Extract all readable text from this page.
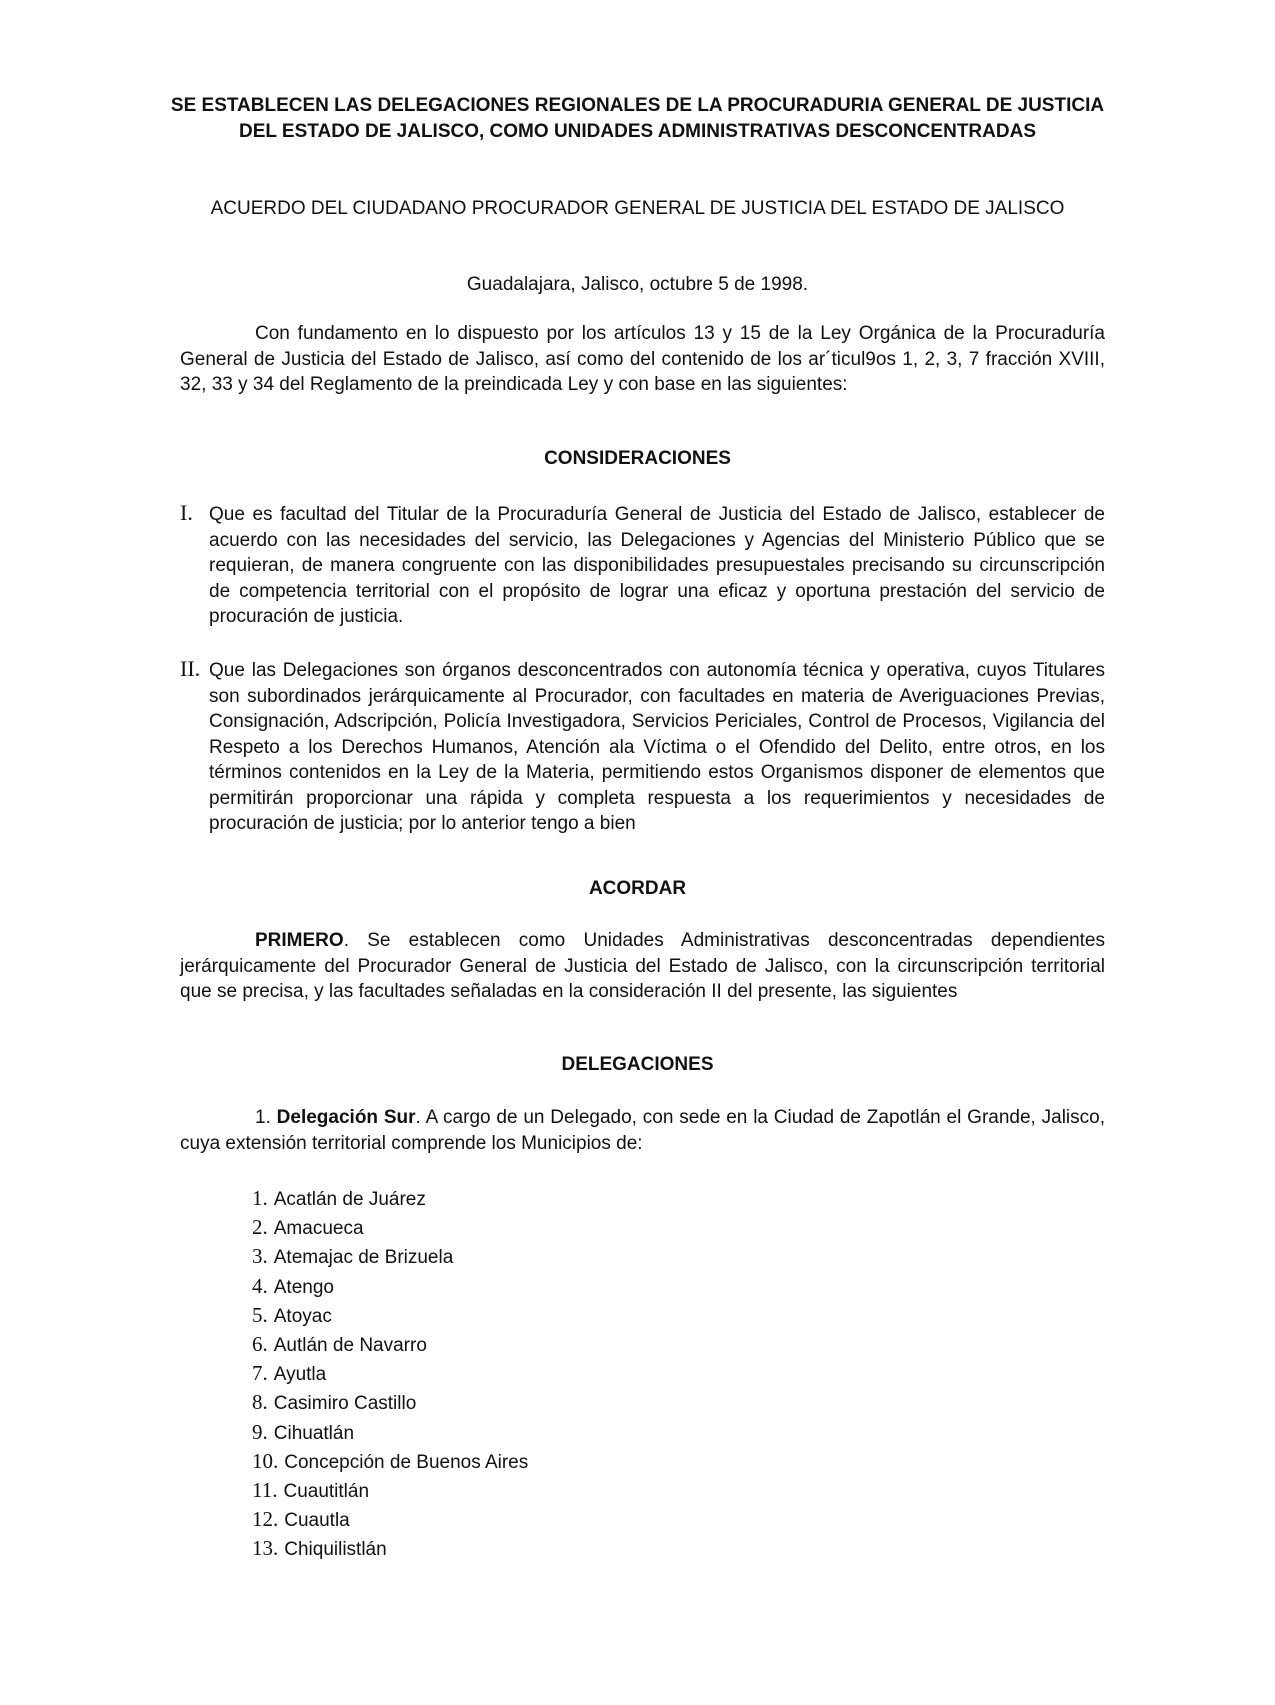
SE ESTABLECEN LAS DELEGACIONES REGIONALES DE LA PROCURADURIA GENERAL DE JUSTICIA DEL ESTADO DE JALISCO, COMO UNIDADES ADMINISTRATIVAS DESCONCENTRADAS

ACUERDO DEL CIUDADANO PROCURADOR GENERAL DE JUSTICIA DEL ESTADO DE JALISCO

Guadalajara, Jalisco, octubre 5 de 1998.

Con fundamento en lo dispuesto por los artículos 13 y 15 de la Ley Orgánica de la Procuraduría General de Justicia del Estado de Jalisco, así como del contenido de los ar´ticul9os 1, 2, 3, 7 fracción XVIII, 32, 33 y 34 del Reglamento de la preindicada Ley y con base en las siguientes:

CONSIDERACIONES

I. Que es facultad del Titular de la Procuraduría General de Justicia del Estado de Jalisco, establecer de acuerdo con las necesidades del servicio, las Delegaciones y Agencias del Ministerio Público que se requieran, de manera congruente con las disponibilidades presupuestales precisando su circunscripción de competencia territorial con el propósito de lograr una eficaz y oportuna prestación del servicio de procuración de justicia.

II. Que las Delegaciones son órganos desconcentrados con autonomía técnica y operativa, cuyos Titulares son subordinados jerárquicamente al Procurador, con facultades en materia de Averiguaciones Previas, Consignación, Adscripción, Policía Investigadora, Servicios Periciales, Control de Procesos, Vigilancia del Respeto a los Derechos Humanos, Atención ala Víctima o el Ofendido del Delito, entre otros, en los términos contenidos en la Ley de la Materia, permitiendo estos Organismos disponer de elementos que permitirán proporcionar una rápida y completa respuesta a los requerimientos y necesidades de procuración de justicia; por lo anterior tengo a bien

ACORDAR

PRIMERO. Se establecen como Unidades Administrativas desconcentradas dependientes jerárquicamente del Procurador General de Justicia del Estado de Jalisco, con la circunscripción territorial que se precisa, y las facultades señaladas en la consideración II del presente, las siguientes

DELEGACIONES

1. Delegación Sur. A cargo de un Delegado, con sede en la Ciudad de Zapotlán el Grande, Jalisco, cuya extensión territorial comprende los Municipios de:

1. Acatlán de Juárez
2. Amacueca
3. Atemajac de Brizuela
4. Atengo
5. Atoyac
6. Autlán de Navarro
7. Ayutla
8. Casimiro Castillo
9. Cihuatlán
10. Concepción de Buenos Aires
11. Cuautitlán
12. Cuautla
13. Chiquilistlán
